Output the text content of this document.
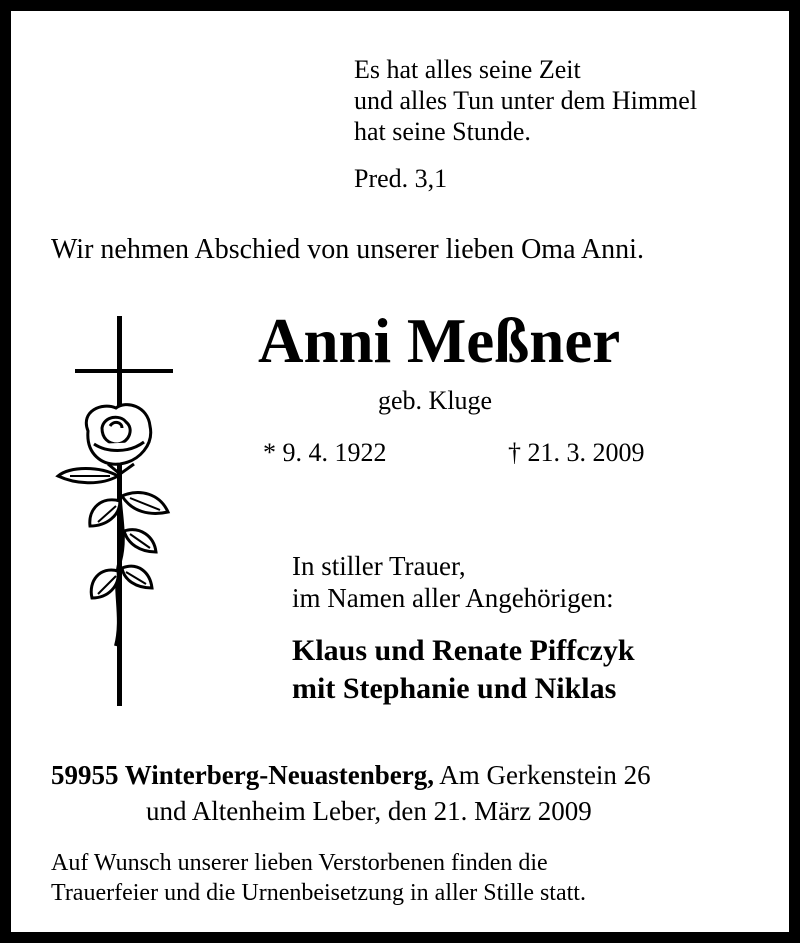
Es hat alles seine Zeit
und alles Tun unter dem Himmel
hat seine Stunde.
Pred. 3,1
Wir nehmen Abschied von unserer lieben Oma Anni.
Anni Meßner
geb. Kluge
* 9. 4. 1922	† 21. 3. 2009
In stiller Trauer,
im Namen aller Angehörigen:
Klaus und Renate Piffczyk
mit Stephanie und Niklas
59955 Winterberg-Neuastenberg, Am Gerkenstein 26
und Altenheim Leber, den 21. März 2009
Auf Wunsch unserer lieben Verstorbenen finden die
Trauerfeier und die Urnenbeisetzung in aller Stille statt.
